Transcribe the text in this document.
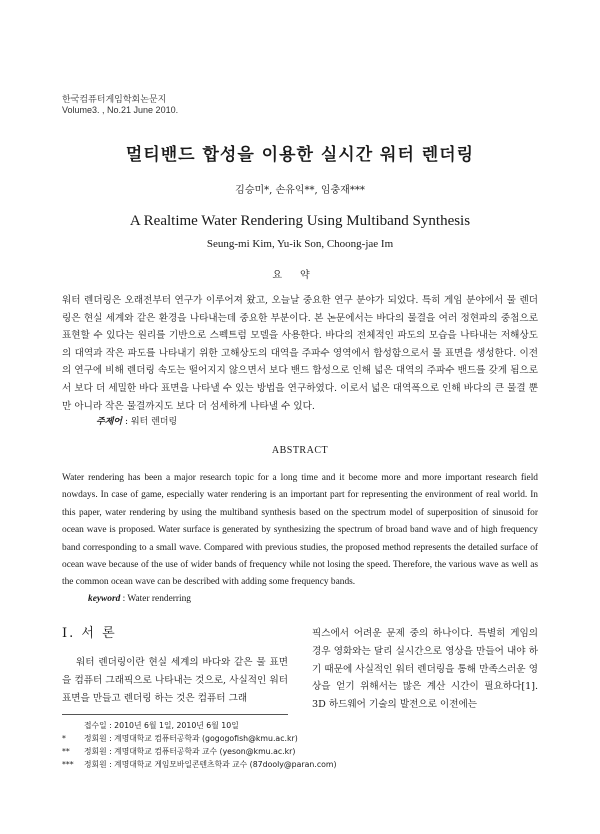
한국컴퓨터게임학회논문지
Volume3. , No.21 June 2010.
멀티밴드 합성을 이용한 실시간 워터 렌더링
김승미*, 손유익**, 임충재***
A Realtime Water Rendering Using Multiband Synthesis
Seung-mi Kim, Yu-ik Son, Choong-jae Im
요약
워터 렌더링은 오래전부터 연구가 이루어져 왔고, 오늘날 중요한 연구 분야가 되었다. 특히 게임 분야에서 물 렌더링은 현실 세계와 같은 환경을 나타내는데 중요한 부분이다. 본 논문에서는 바다의 물결을 여러 정현파의 중첩으로 표현할 수 있다는 원리를 기반으로 스펙트럼 모델을 사용한다. 바다의 전체적인 파도의 모습을 나타내는 저해상도의 대역과 작은 파도를 나타내기 위한 고해상도의 대역을 주파수 영역에서 합성함으로서 물 표면을 생성한다. 이전의 연구에 비해 렌더링 속도는 떨어지지 않으면서 보다 밴드 합성으로 인해 넓은 대역의 주파수 밴드를 갖게 됨으로서 보다 더 세밀한 바다 표면을 나타낼 수 있는 방법을 연구하였다. 이로서 넓은 대역폭으로 인해 바다의 큰 물결 뿐만 아니라 작은 물결까지도 보다 더 섬세하게 나타낼 수 있다.
주제어 : 워터 렌더링
ABSTRACT
Water rendering has been a major research topic for a long time and it become more and more important research field nowdays. In case of game, especially water rendering is an important part for representing the environment of real world. In this paper, water rendering by using the multiband synthesis based on the spectrum model of superposition of sinusoid for ocean wave is proposed. Water surface is generated by synthesizing the spectrum of broad band wave and of high frequency band corresponding to a small wave. Compared with previous studies, the proposed method represents the detailed surface of ocean wave because of the use of wider bands of frequency while not losing the speed. Therefore, the various wave as well as the common ocean wave can be described with adding some frequency bands.
keyword : Water renderring
Ⅰ. 서 론
워터 렌더링이란 현실 세계의 바다와 같은 물 표면을 컴퓨터 그래픽으로 나타내는 것으로, 사실적인 워터 표면을 만들고 렌더링 하는 것은 컴퓨터 그래
픽스에서 어려운 문제 중의 하나이다. 특별히 게임의 경우 영화와는 달리 실시간으로 영상을 만들어 내야 하기 때문에 사실적인 워터 렌더링을 통해 만족스러운 영상을 얻기 위해서는 많은 계산 시간이 필요하다[1]. 3D 하드웨어 기술의 발전으로 이전에는
접수일 : 2010년 6월 1일, 2010년 6월 10일
*	정회원 : 계명대학교 컴퓨터공학과 (gogogofish@kmu.ac.kr)
**	정회원 : 계명대학교 컴퓨터공학과 교수 (yeson@kmu.ac.kr)
***	정회원 : 계명대학교 게임모바일콘텐츠학과 교수 (87dooly@paran.com)
